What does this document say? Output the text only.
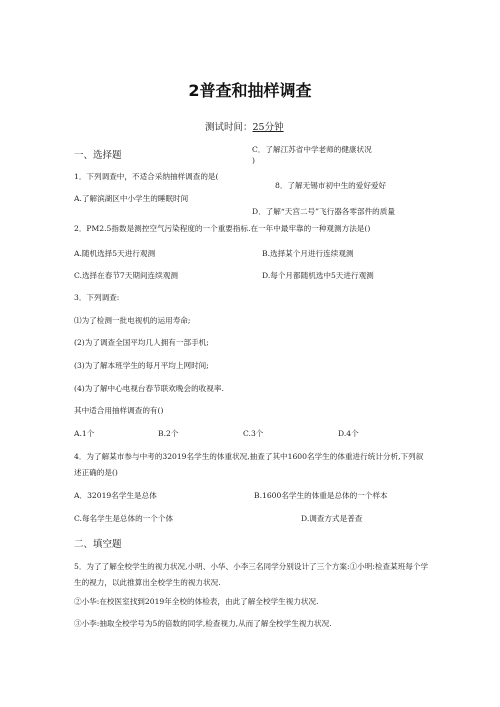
2普查和抽样调查
测试时间：25分钟
一、选择题
C．了解江苏省中学老师的健康状况
)
1．下列调查中，不适合采纳抽样调查的是(
8．了解无锡市初中生的爱好爱好
A.了解滨湖区中小学生的睡眠时间
D．了解“天宫二号”飞行器各零部件的质量
2．PM2.5指数是测控空气污染程度的一个重要指标.在一年中最牢靠的一种观测方法是()
A.随机选择5天进行观测	B.选择某个月进行连续观测
C.选择在春节7天期间连续观测	D.每个月都随机选中5天进行观测
3．下列调查:
⑴为了检测一批电视机的运用寿命;
(2)为了调查全国平均几人拥有一部手机;
(3)为了解本班学生的每月平均上网时间;
(4)为了解中心电视台春节联欢晚会的收视率.
其中适合用抽样调查的有()
A.1个	B.2个	C.3个	D.4个
4．为了解某市参与中考的32019名学生的体重状况,抽查了其中1600名学生的体重进行统计分析,下列叙述正确的是()
A．32019名学生是总体	B.1600名学生的体重是总体的一个样本
C.每名学生是总体的一个个体	D.调查方式是普查
二、填空题
5．为了了解全校学生的视力状况,小明、小华、小李三名同学分别设计了三个方案:①小明:检查某班每个学生的视力，以此推算出全校学生的视力状况.
②小华:在校医室找到2019年全校的体检表，由此了解全校学生视力状况.
③小李:抽取全校学号为5的倍数的同学,检查视力,从而了解全校学生视力状况.
